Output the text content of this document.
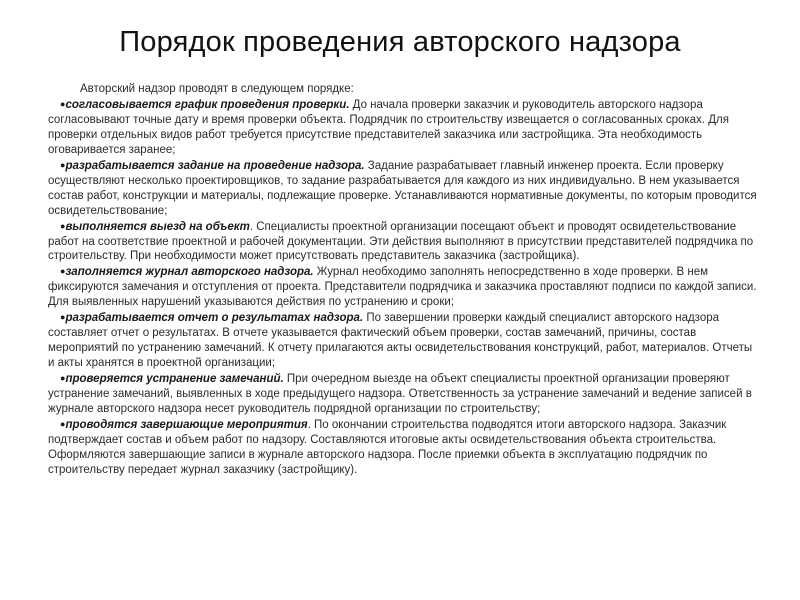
Порядок проведения авторского надзора

Авторский надзор проводят в следующем порядке:

●согласовывается график проведения проверки. До начала проверки заказчик и руководитель авторского надзора согласовывают точные дату и время проверки объекта. Подрядчик по строительству извещается о согласованных сроках. Для проверки отдельных видов работ требуется присутствие представителей заказчика или застройщика. Эта необходимость оговаривается заранее;

●разрабатывается задание на проведение надзора. Задание разрабатывает главный инженер проекта. Если проверку осуществляют несколько проектировщиков, то задание разрабатывается для каждого из них индивидуально. В нем указывается состав работ, конструкции и материалы, подлежащие проверке. Устанавливаются нормативные документы, по которым проводится освидетельствование;

●выполняется выезд на объект. Специалисты проектной организации посещают объект и проводят освидетельствование работ на соответствие проектной и рабочей документации. Эти действия выполняют в присутствии представителей подрядчика по строительству. При необходимости может присутствовать представитель заказчика (застройщика).

●заполняется журнал авторского надзора. Журнал необходимо заполнять непосредственно в ходе проверки. В нем фиксируются замечания и отступления от проекта. Представители подрядчика и заказчика проставляют подписи по каждой записи. Для выявленных нарушений указываются действия по устранению и сроки;

●разрабатывается отчет о результатах надзора. По завершении проверки каждый специалист авторского надзора составляет отчет о результатах. В отчете указывается фактический объем проверки, состав замечаний, причины, состав мероприятий по устранению замечаний. К отчету прилагаются акты освидетельствования конструкций, работ, материалов. Отчеты и акты хранятся в проектной организации;

●проверяется устранение замечаний. При очередном выезде на объект специалисты проектной организации проверяют устранение замечаний, выявленных в ходе предыдущего надзора. Ответственность за устранение замечаний и ведение записей в журнале авторского надзора несет руководитель подрядной организации по строительству;

●проводятся завершающие мероприятия. По окончании строительства подводятся итоги авторского надзора. Заказчик подтверждает состав и объем работ по надзору. Составляются итоговые акты освидетельствования объекта строительства. Оформляются завершающие записи в журнале авторского надзора. После приемки объекта в эксплуатацию подрядчик по строительству передает журнал заказчику (застройщику).
